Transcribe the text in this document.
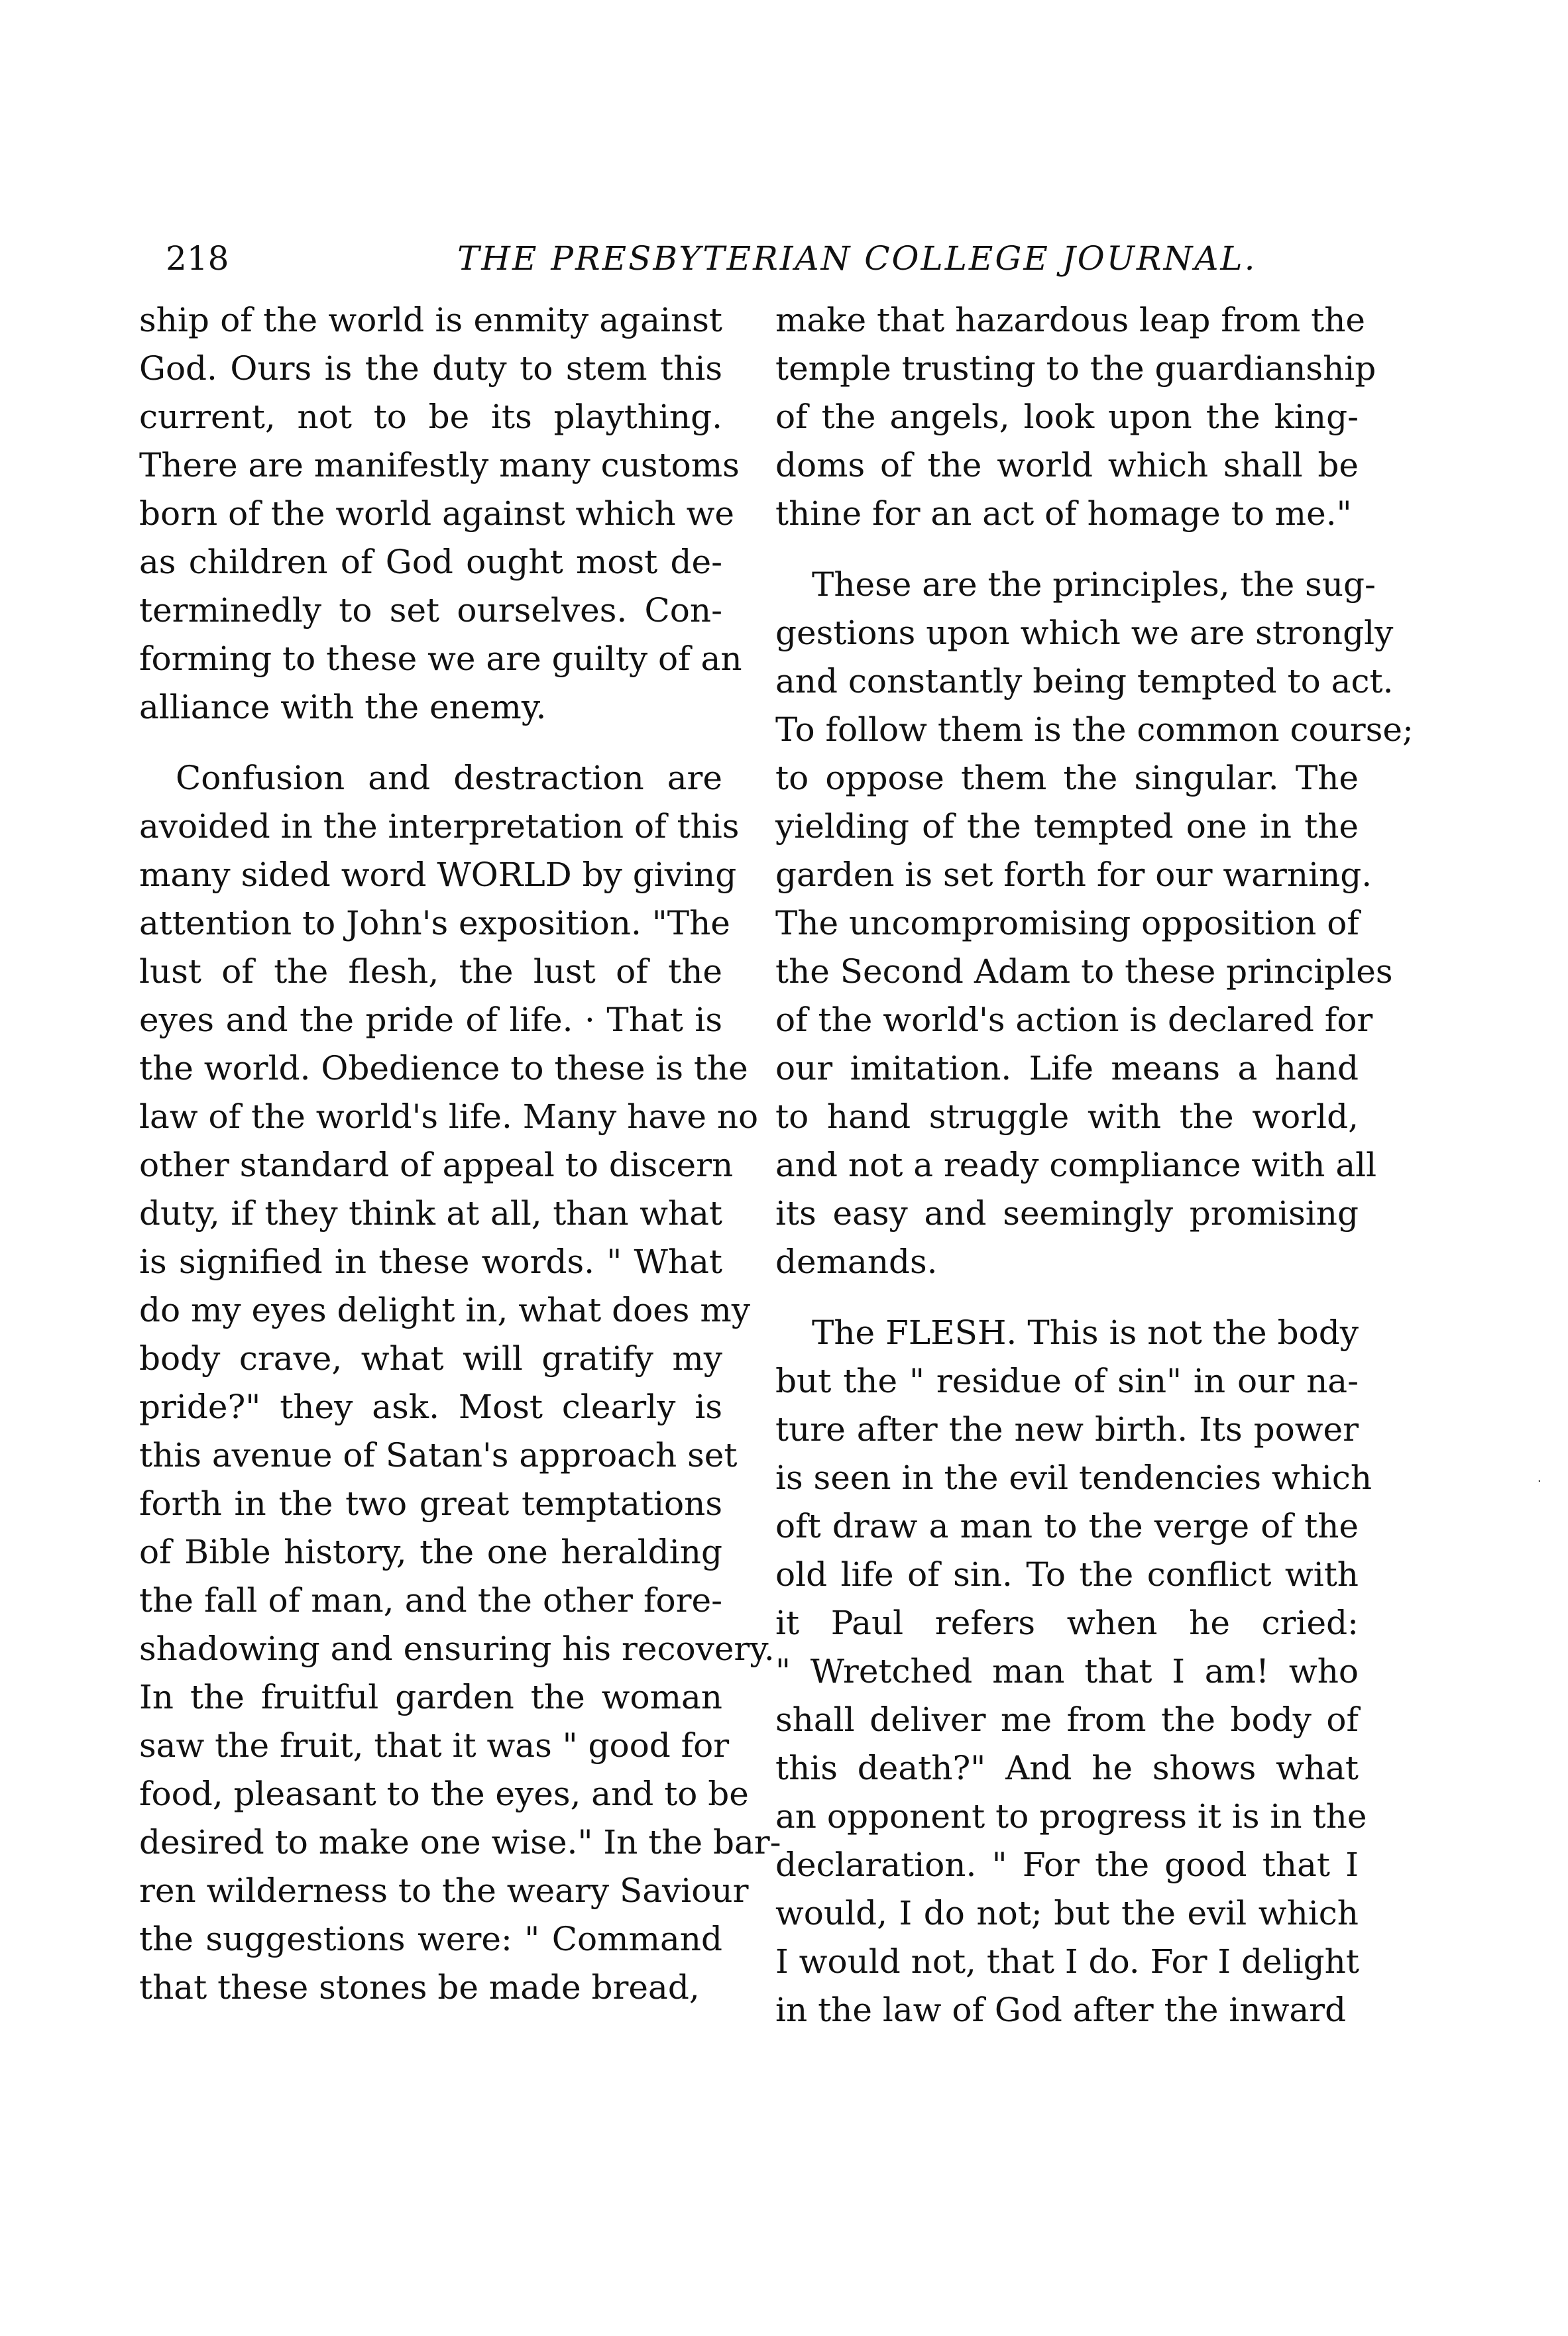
218	THE PRESBYTERIAN COLLEGE JOURNAL.
ship of the world is enmity against
God. Ours is the duty to stem this
current, not to be its plaything.
There are manifestly many customs
born of the world against which we
as children of God ought most de-
terminedly to set ourselves. Con-
forming to these we are guilty of an
alliance with the enemy.
Confusion and destraction are
avoided in the interpretation of this
many sided word WORLD by giving
attention to John's exposition. "The
lust of the flesh, the lust of the
eyes and the pride of life. · That is
the world. Obedience to these is the
law of the world's life. Many have no
other standard of appeal to discern
duty, if they think at all, than what
is signified in these words. " What
do my eyes delight in, what does my
body crave, what will gratify my
pride?" they ask. Most clearly is
this avenue of Satan's approach set
forth in the two great temptations
of Bible history, the one heralding
the fall of man, and the other fore-
shadowing and ensuring his recovery.
In the fruitful garden the woman
saw the fruit, that it was " good for
food, pleasant to the eyes, and to be
desired to make one wise." In the bar-
ren wilderness to the weary Saviour
the suggestions were: " Command
that these stones be made bread,
make that hazardous leap from the
temple trusting to the guardianship
of the angels, look upon the king-
doms of the world which shall be
thine for an act of homage to me."
These are the principles, the sug-
gestions upon which we are strongly
and constantly being tempted to act.
To follow them is the common course;
to oppose them the singular. The
yielding of the tempted one in the
garden is set forth for our warning.
The uncompromising opposition of
the Second Adam to these principles
of the world's action is declared for
our imitation. Life means a hand
to hand struggle with the world,
and not a ready compliance with all
its easy and seemingly promising
demands.
The FLESH. This is not the body
but the " residue of sin" in our na-
ture after the new birth. Its power
is seen in the evil tendencies which
oft draw a man to the verge of the
old life of sin. To the conflict with
it Paul refers when he cried:
" Wretched man that I am! who
shall deliver me from the body of
this death?" And he shows what
an opponent to progress it is in the
declaration. " For the good that I
would, I do not; but the evil which
I would not, that I do. For I delight
in the law of God after the inward
·
